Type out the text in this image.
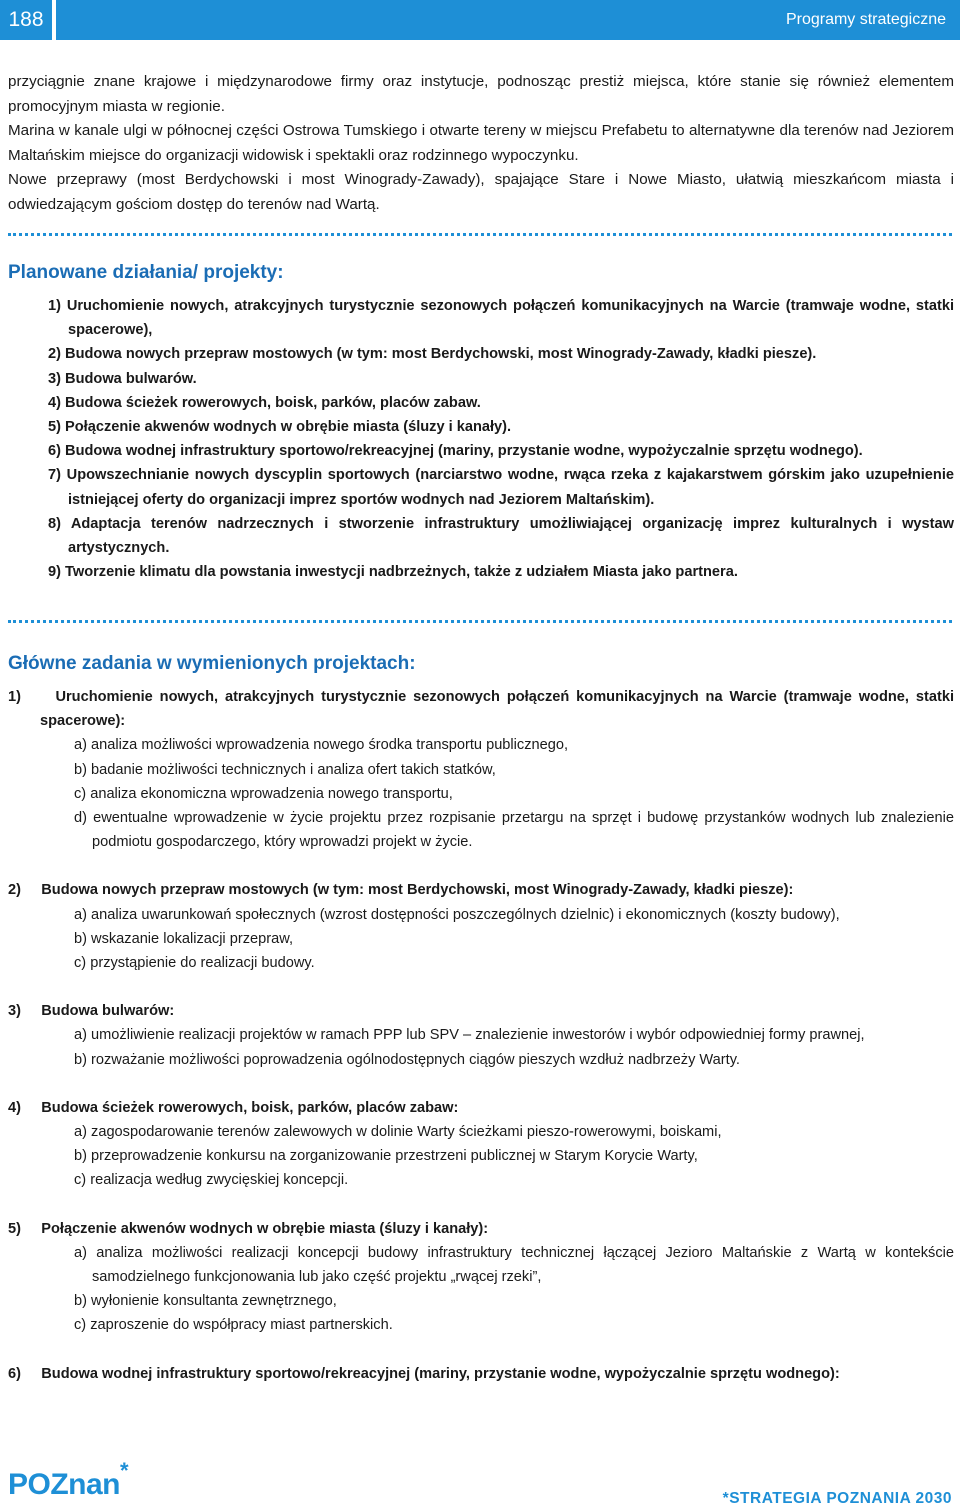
188	Programy strategiczne

przyciągnie znane krajowe i międzynarodowe firmy oraz instytucje, podnosząc prestiż miejsca, które stanie się również elementem promocyjnym miasta w regionie.

Marina w kanale ulgi w północnej części Ostrowa Tumskiego i otwarte tereny w miejscu Prefabetu to alternatywne dla terenów nad Jeziorem Maltańskim miejsce do organizacji widowisk i spektakli oraz rodzinnego wypoczynku.

Nowe przeprawy (most Berdychowski i most Winogrady-Zawady), spajające Stare i Nowe Miasto, ułatwią mieszkańcom miasta i odwiedzającym gościom dostęp do terenów nad Wartą.

Planowane działania/ projekty:
1) Uruchomienie nowych, atrakcyjnych turystycznie sezonowych połączeń komunikacyjnych na Warcie (tramwaje wodne, statki spacerowe),
2) Budowa nowych przepraw mostowych (w tym: most Berdychowski, most Winogrady-Zawady, kładki piesze).
3) Budowa bulwarów.
4) Budowa ścieżek rowerowych, boisk, parków, placów zabaw.
5) Połączenie akwenów wodnych w obrębie miasta (śluzy i kanały).
6) Budowa wodnej infrastruktury sportowo/rekreacyjnej (mariny, przystanie wodne, wypożyczalnie sprzętu wodnego).
7) Upowszechnianie nowych dyscyplin sportowych (narciarstwo wodne, rwąca rzeka z kajakarstwem górskim jako uzupełnienie istniejącej oferty do organizacji imprez sportów wodnych nad Jeziorem Maltańskim).
8) Adaptacja terenów nadrzecznych i stworzenie infrastruktury umożliwiającej organizację imprez kulturalnych i wystaw artystycznych.
9) Tworzenie klimatu dla powstania inwestycji nadbrzeżnych, także z udziałem Miasta jako partnera.
Główne zadania w wymienionych projektach:
1)     Uruchomienie nowych, atrakcyjnych turystycznie sezonowych połączeń komunikacyjnych na Warcie (tramwaje wodne, statki spacerowe):
a) analiza możliwości wprowadzenia nowego środka transportu publicznego,
b) badanie możliwości technicznych i analiza ofert takich statków,
c) analiza ekonomiczna wprowadzenia nowego transportu,
d) ewentualne wprowadzenie w życie projektu przez rozpisanie przetargu na sprzęt i budowę przystanków wodnych lub znalezienie podmiotu gospodarczego, który wprowadzi projekt w życie.
2)     Budowa nowych przepraw mostowych (w tym: most Berdychowski, most Winogrady-Zawady, kładki piesze):
a) analiza uwarunkowań społecznych (wzrost dostępności poszczególnych dzielnic) i ekonomicznych (koszty budowy),
b) wskazanie lokalizacji przepraw,
c) przystąpienie do realizacji budowy.
3)     Budowa bulwarów:
a) umożliwienie realizacji projektów w ramach PPP lub SPV – znalezienie inwestorów i wybór odpowiedniej formy prawnej,
b) rozważanie możliwości poprowadzenia ogólnodostępnych ciągów pieszych wzdłuż nadbrzeży Warty.
4)     Budowa ścieżek rowerowych, boisk, parków, placów zabaw:
a) zagospodarowanie terenów zalewowych w dolinie Warty ścieżkami pieszo-rowerowymi, boiskami,
b) przeprowadzenie konkursu na zorganizowanie przestrzeni publicznej w Starym Korycie Warty,
c) realizacja według zwycięskiej koncepcji.
5)     Połączenie akwenów wodnych w obrębie miasta (śluzy i kanały):
a) analiza możliwości realizacji koncepcji budowy infrastruktury technicznej łączącej Jezioro Maltańskie z Wartą w kontekście samodzielnego funkcjonowania lub jako część projektu „rwącej rzeki”,
b) wyłonienie konsultanta zewnętrznego,
c) zaproszenie do współpracy miast partnerskich.
6)     Budowa wodnej infrastruktury sportowo/rekreacyjnej (mariny, przystanie wodne, wypożyczalnie sprzętu wodnego):
POZnan*
*STRATEGIA POZNANIA 2030
